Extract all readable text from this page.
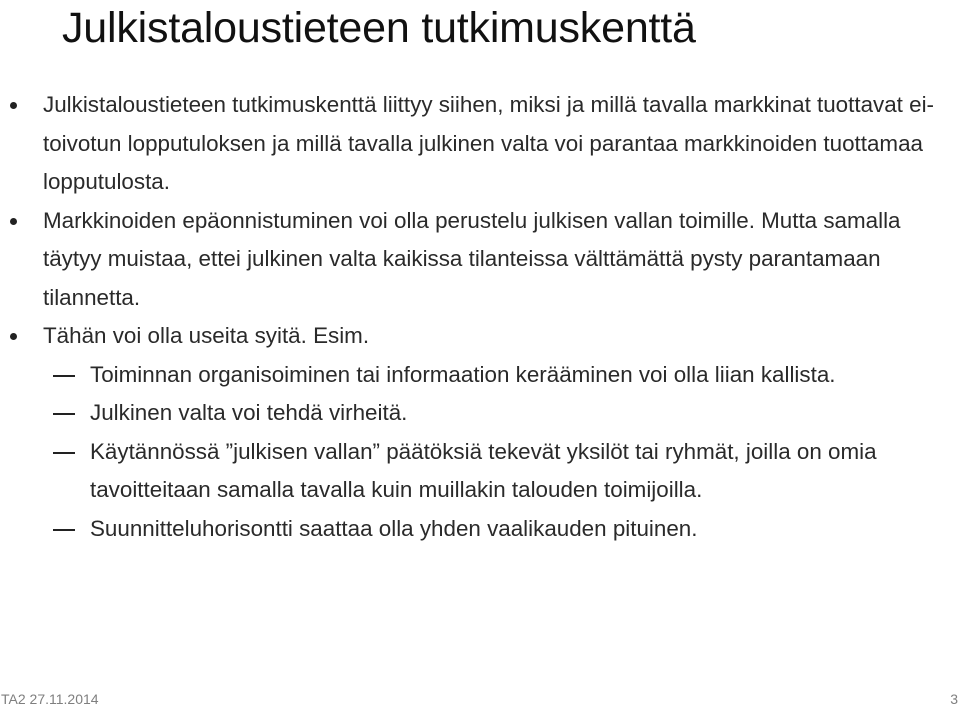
Julkistaloustieteen tutkimuskenttä
Julkistaloustieteen tutkimuskenttä liittyy siihen, miksi ja millä tavalla markkinat tuottavat ei-toivotun lopputuloksen ja millä tavalla julkinen valta voi parantaa markkinoiden tuottamaa lopputulosta.
Markkinoiden epäonnistuminen voi olla perustelu julkisen vallan toimille. Mutta samalla täytyy muistaa, ettei julkinen valta kaikissa tilanteissa välttämättä pysty parantamaan tilannetta.
Tähän voi olla useita syitä. Esim.
Toiminnan organisoiminen tai informaation kerääminen voi olla liian kallista.
Julkinen valta voi tehdä virheitä.
Käytännössä ”julkisen vallan” päätöksiä tekevät yksilöt tai ryhmät, joilla on omia tavoitteitaan samalla tavalla kuin muillakin talouden toimijoilla.
Suunnitteluhorisontti saattaa olla yhden vaalikauden pituinen.
TA2 27.11.2014	3
